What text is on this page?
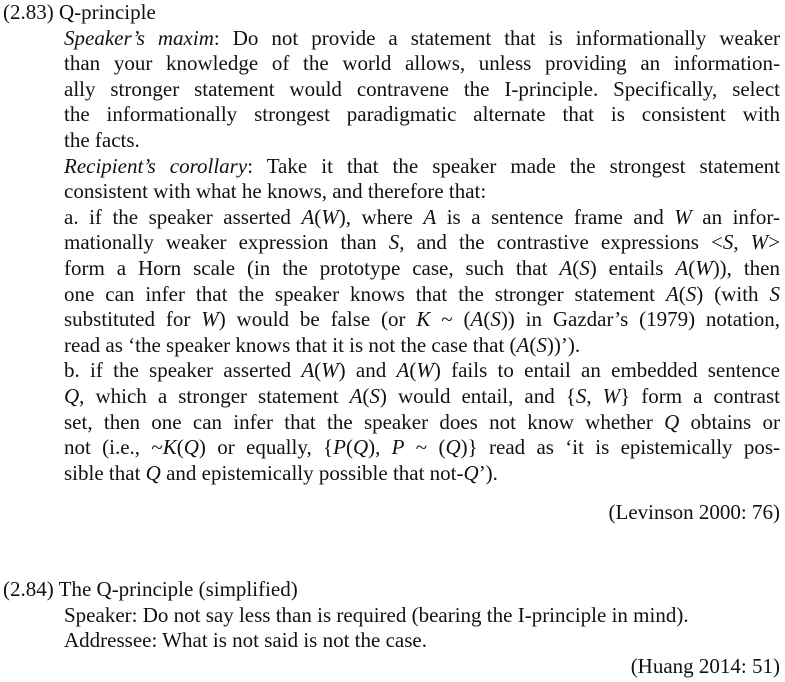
(2.83) Q-principle
Speaker’s maxim: Do not provide a statement that is informationally weaker
than your knowledge of the world allows, unless providing an information-
ally stronger statement would contravene the I-principle. Specifically, select
the informationally strongest paradigmatic alternate that is consistent with
the facts.
Recipient’s corollary: Take it that the speaker made the strongest statement
consistent with what he knows, and therefore that:
a. if the speaker asserted A(W), where A is a sentence frame and W an infor-
mationally weaker expression than S, and the contrastive expressions <S, W>
form a Horn scale (in the prototype case, such that A(S) entails A(W)), then
one can infer that the speaker knows that the stronger statement A(S) (with S
substituted for W) would be false (or K ~ (A(S)) in Gazdar’s (1979) notation,
read as ‘the speaker knows that it is not the case that (A(S))’).
b. if the speaker asserted A(W) and A(W) fails to entail an embedded sentence
Q, which a stronger statement A(S) would entail, and {S, W} form a contrast
set, then one can infer that the speaker does not know whether Q obtains or
not (i.e., ~K(Q) or equally, {P(Q), P ~ (Q)} read as ‘it is epistemically pos-
sible that Q and epistemically possible that not-Q’).
(Levinson 2000: 76)
(2.84) The Q-principle (simplified)
Speaker: Do not say less than is required (bearing the I-principle in mind).
Addressee: What is not said is not the case.
(Huang 2014: 51)
